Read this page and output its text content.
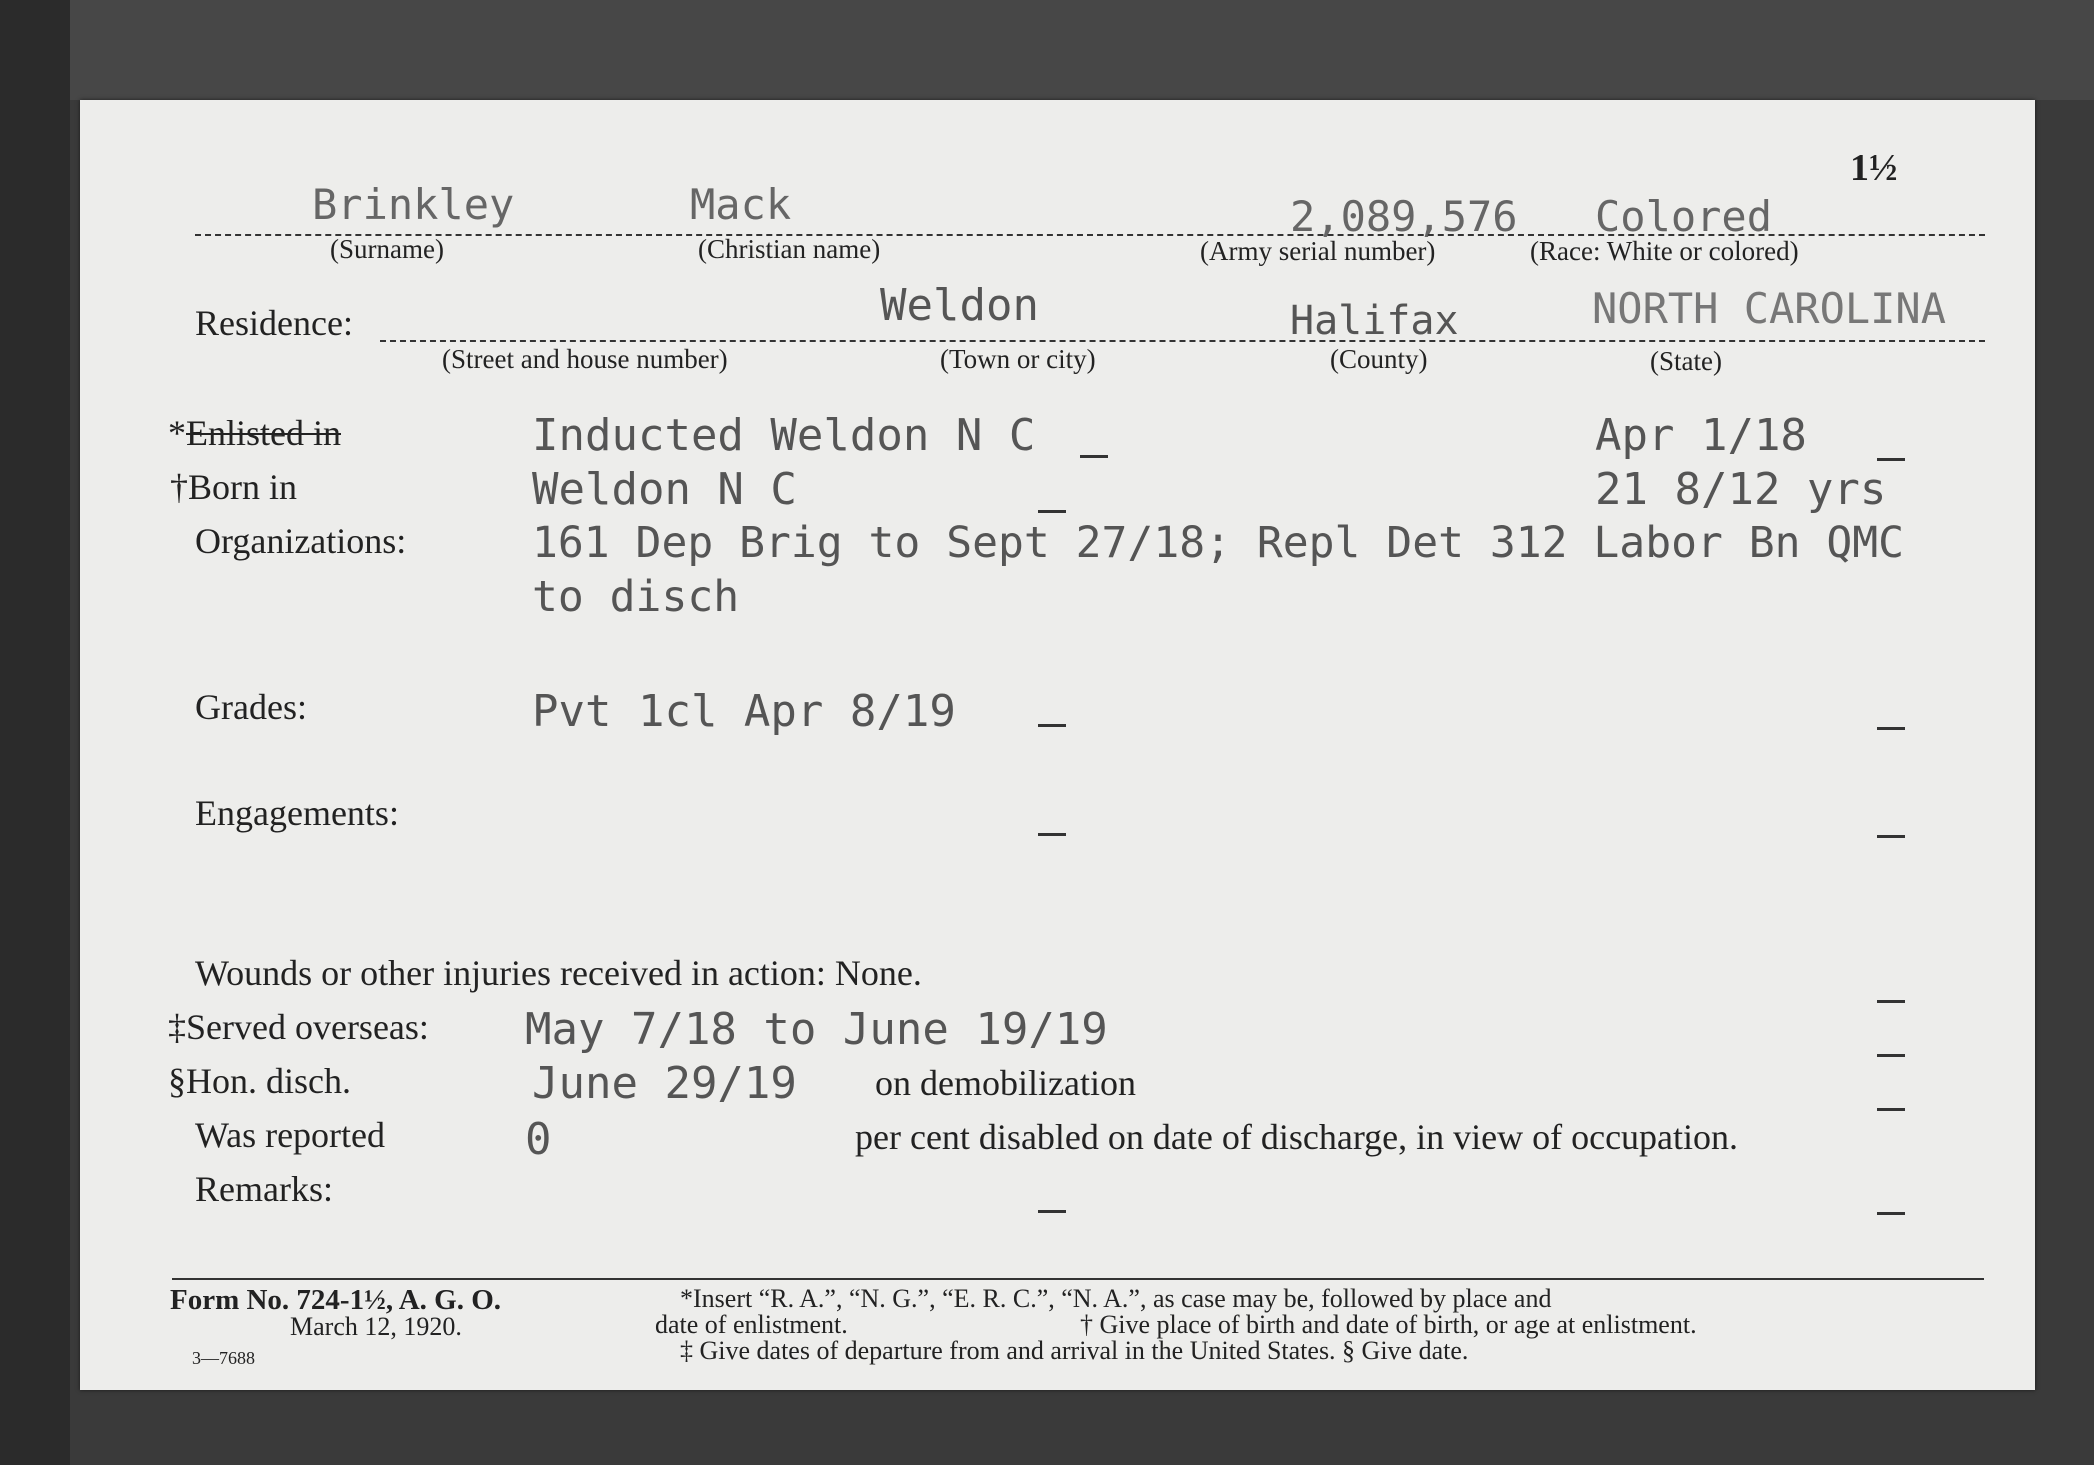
1½
Brinkley	Mack	2,089,576 Colored
(Surname)	(Christian name)	(Army serial number)	(Race: White or colored)
Residence:	Weldon	Halifax	NORTH CAROLINA
(Street and house number)	(Town or city)	(County)	(State)
*Enlisted in	Inducted Weldon N C	Apr 1/18
†Born in	Weldon N C	21 8/12 yrs
Organizations:	161 Dep Brig to Sept 27/18; Repl Det 312 Labor Bn QMC
to disch
Grades:	Pvt 1cl Apr 8/19
Engagements:
Wounds or other injuries received in action: None.
‡Served overseas: May 7/18 to June 19/19
§Hon. disch.	June 29/19 on demobilization
Was reported	0	per cent disabled on date of discharge, in view of occupation.
Remarks:
Form No. 724-1½, A. G. O.
March 12, 1920.
3—7688
*Insert “R. A.”, “N. G.”, “E. R. C.”, “N. A.”, as case may be, followed by place and
date of enlistment.	† Give place of birth and date of birth, or age at enlistment.
‡ Give dates of departure from and arrival in the United States. § Give date.
